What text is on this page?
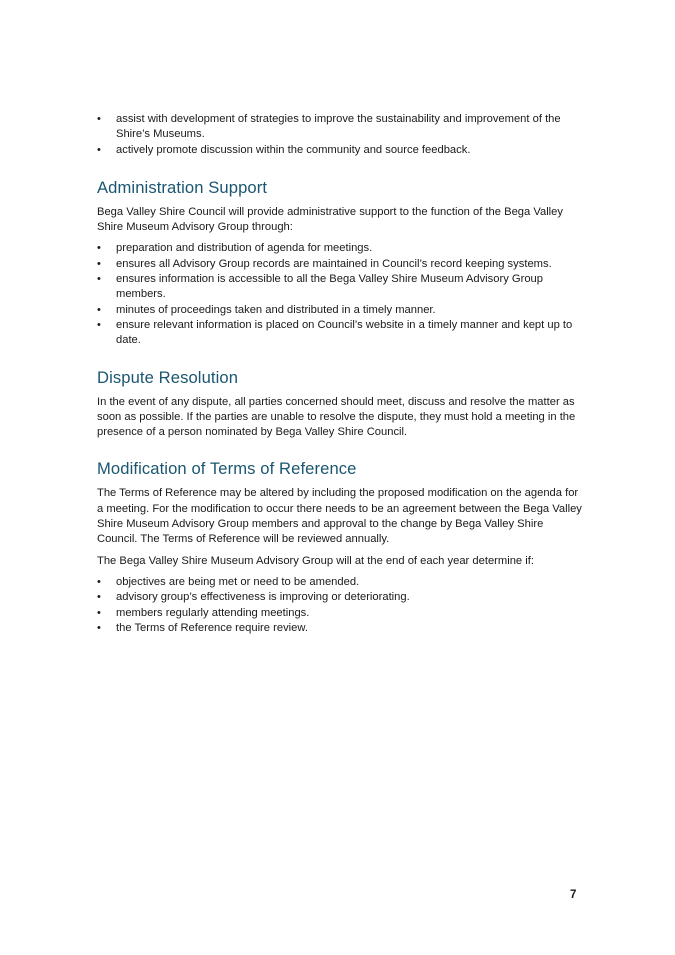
•	assist with development of strategies to improve the sustainability and improvement of the Shire’s Museums.
•	actively promote discussion within the community and source feedback.
Administration Support

Bega Valley Shire Council will provide administrative support to the function of the Bega Valley Shire Museum Advisory Group through:

•	preparation and distribution of agenda for meetings.
•	ensures all Advisory Group records are maintained in Council’s record keeping systems.
•	ensures information is accessible to all the Bega Valley Shire Museum Advisory Group members.
•	minutes of proceedings taken and distributed in a timely manner.
•	ensure relevant information is placed on Council’s website in a timely manner and kept up to date.
Dispute Resolution

In the event of any dispute, all parties concerned should meet, discuss and resolve the matter as soon as possible. If the parties are unable to resolve the dispute, they must hold a meeting in the presence of a person nominated by Bega Valley Shire Council.

Modification of Terms of Reference

The Terms of Reference may be altered by including the proposed modification on the agenda for a meeting. For the modification to occur there needs to be an agreement between the Bega Valley Shire Museum Advisory Group members and approval to the change by Bega Valley Shire Council. The Terms of Reference will be reviewed annually.

The Bega Valley Shire Museum Advisory Group will at the end of each year determine if:

•	objectives are being met or need to be amended.
•	advisory group’s effectiveness is improving or deteriorating.
•	members regularly attending meetings.
•	the Terms of Reference require review.
7
